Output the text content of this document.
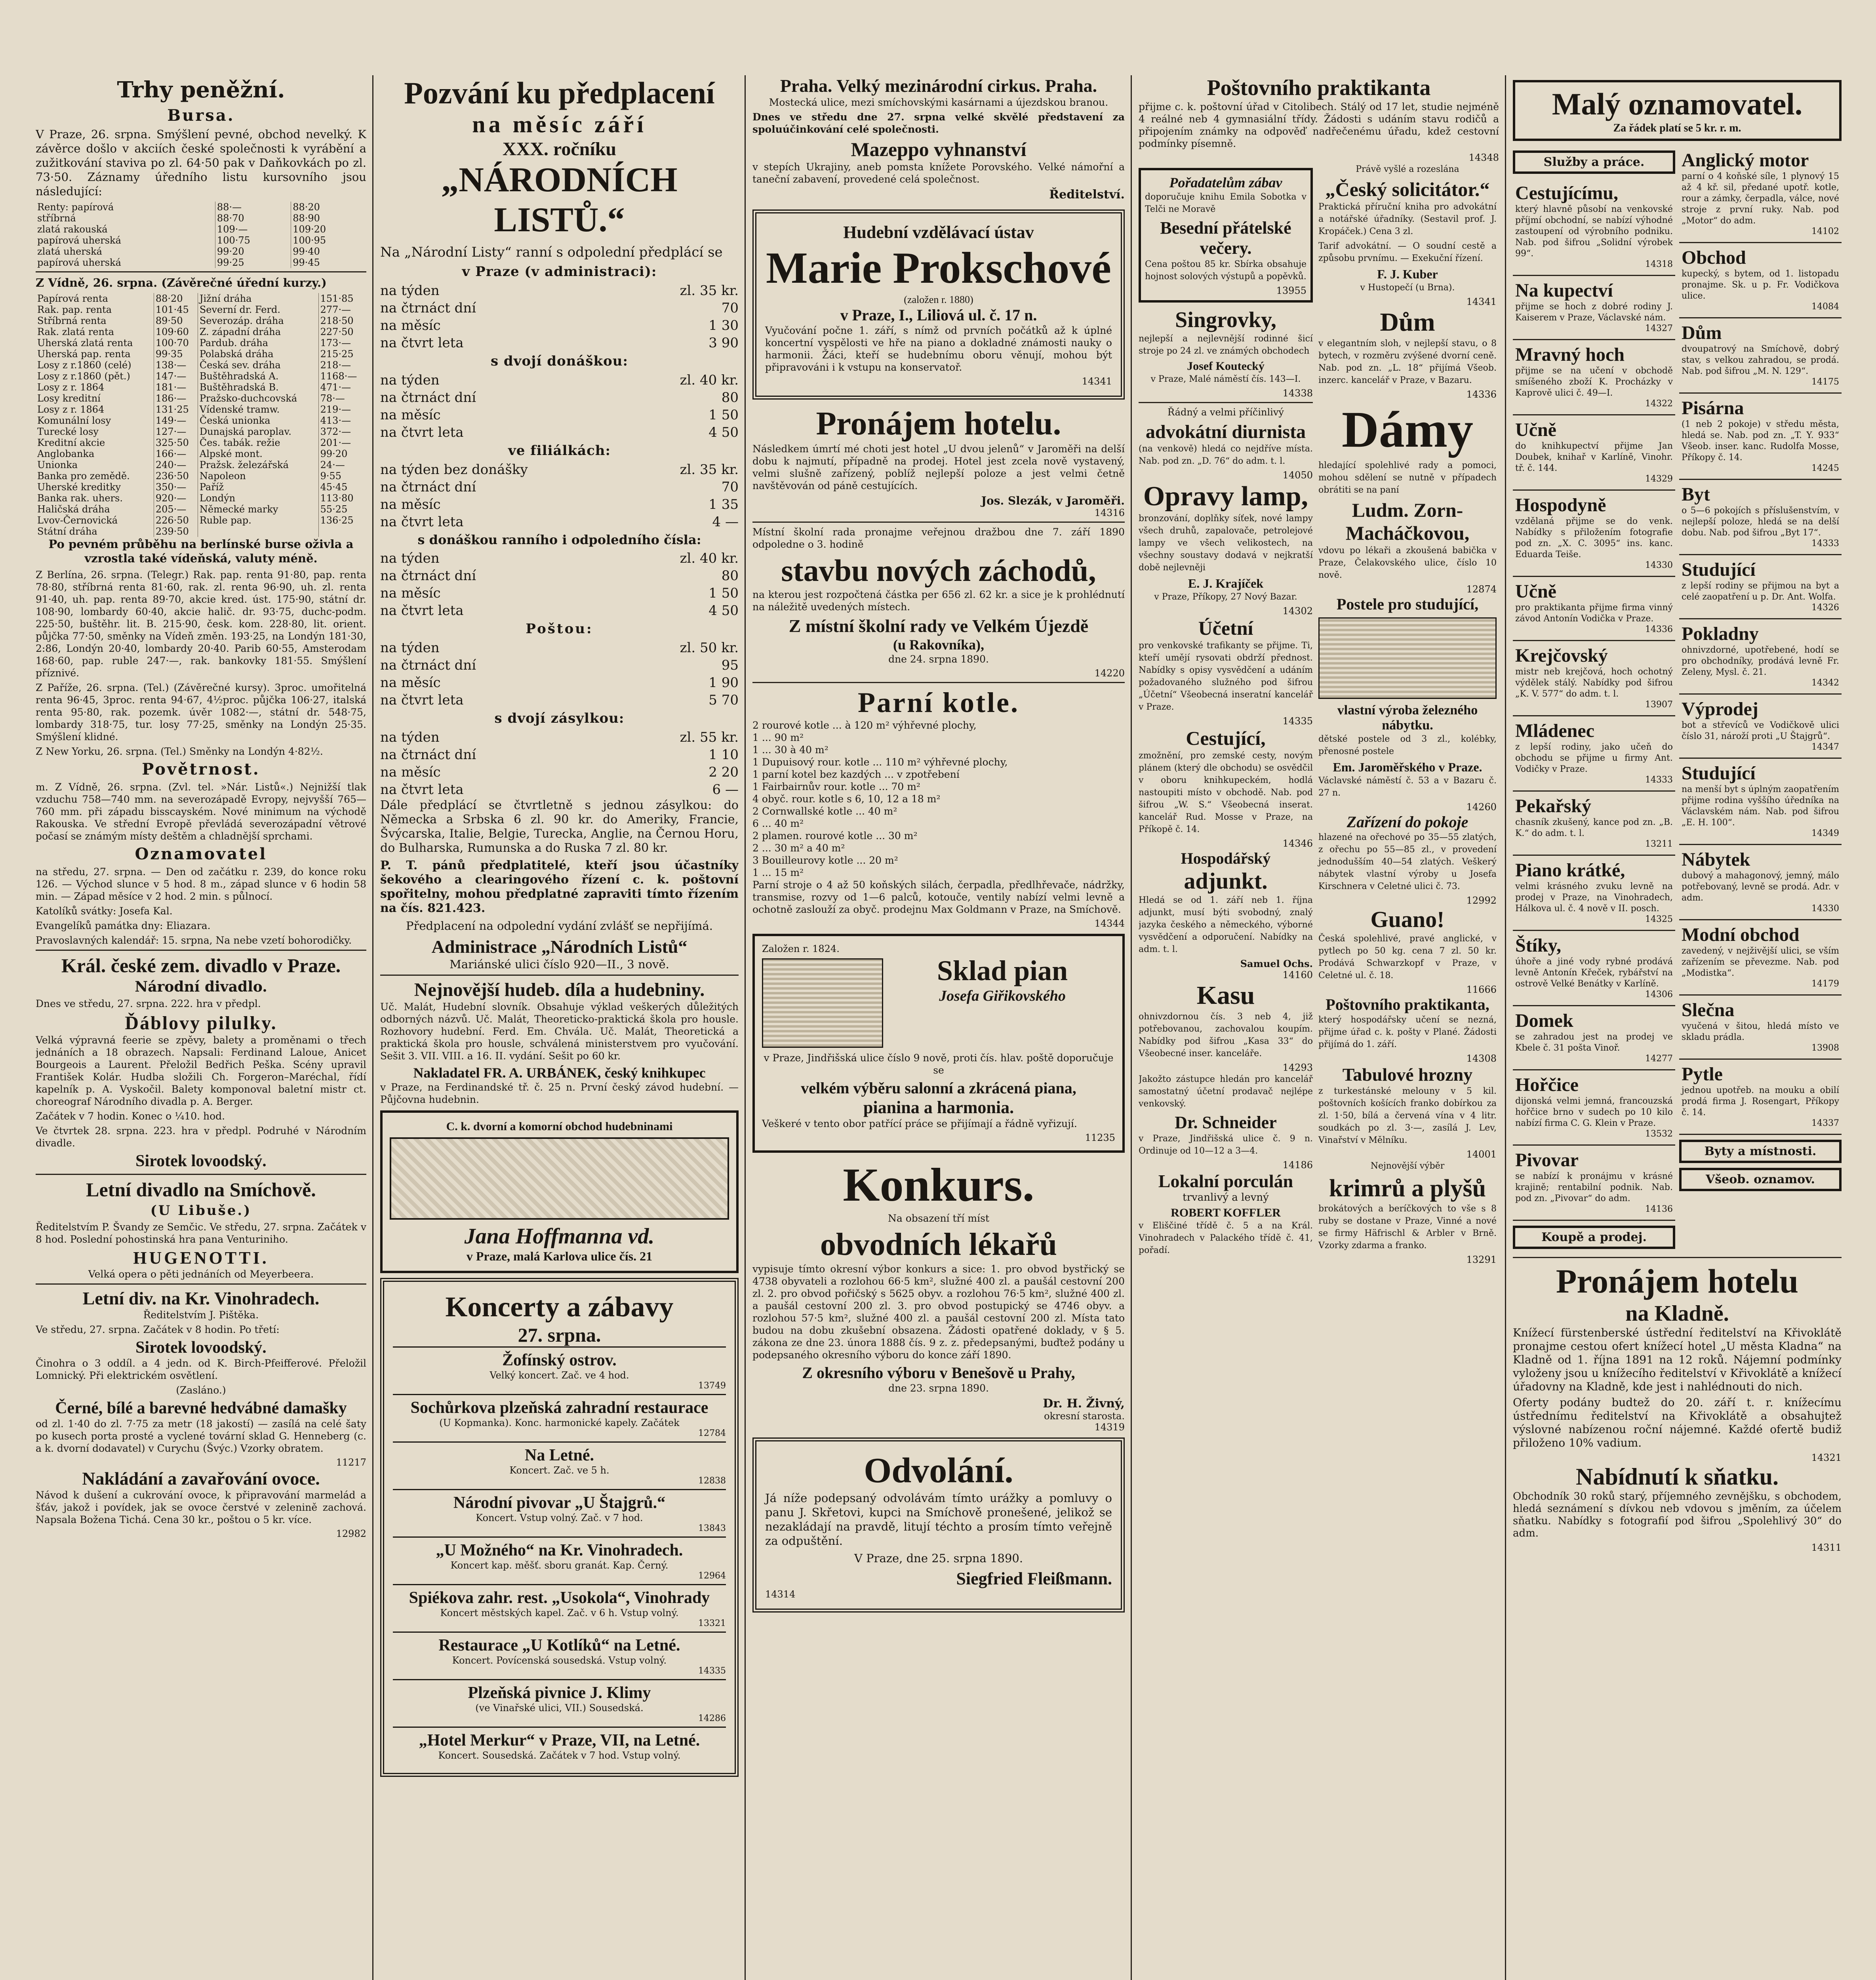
Trhy peněžní.
Bursa.

V Praze, 26. srpna. Smýšlení pevné, obchod nevelký. K závěrce došlo v akciích české společnosti k vyrábění a zužitkování staviva po zl. 64·50 pak v Daňkovkách po zl. 73·50. Záznamy úředního listu kursovního jsou následující:

Renty: papírová	88·—	88·20
stříbrná	88·70	88·90
zlatá rakouská	109·—	109·20
papírová uherská	100·75	100·95
zlatá uherská	99·20	99·40
papírová uherská	99·25	99·45

Z Vídně, 26. srpna. (Závěrečné úřední kurzy.)

Papírová renta	88·20	Jižní dráha	151·85
Rak. pap. renta	101·45	Severní dr. Ferd.	277·—
Stříbrná renta	89·50	Severozáp. dráha	218·50
Rak. zlatá renta	109·60	Z. západní dráha	227·50
Uherská zlatá renta	100·70	Pardub. dráha	173·—
Uherská pap. renta	99·35	Polabská dráha	215·25
Losy z r.1860 (celé)	138·—	Česká sev. dráha	218·—
Losy z r.1860 (pět.)	147·—	Buštěhradská A.	1168·—
Losy z r. 1864	181·—	Buštěhradská B.	471·—
Losy kreditní	186·—	Pražsko-duchcovská	78·—
Losy z r. 1864	131·25	Vídenské tramw.	219·—
Komunální losy	149·—	Česká unionka	413·—
Turecké losy	127·—	Dunajská paroplav.	372·—
Kreditní akcie	325·50	Čes. tabák. režie	201·—
Anglobanka	166·—	Alpské mont.	99·20
Unionka	240·—	Pražsk. železářská	24·—
Banka pro zemědě.	236·50	Napoleon	9·55
Uherské kreditky	350·—	Paříž	45·45
Banka rak. uhers.	920·—	Londýn	113·80
Haličská dráha	205·—	Německé marky	55·25
Lvov-Černovická	226·50	Ruble pap.	136·25
Státní dráha	239·50		

Po pevném průběhu na berlínské burse oživla a vzrostla také vídeňská, valuty méně.

Z Berlína, 26. srpna. (Telegr.) Rak. pap. renta 91·80, pap. renta 78·80, stříbrná renta 81·60, rak. zl. renta 96·90, uh. zl. renta 91·40, uh. pap. renta 89·70, akcie kred. úst. 175·90, státní dr. 108·90, lombardy 60·40, akcie halič. dr. 93·75, duchc-podm. 225·50, buštěhr. lit. B. 215·90, česk. kom. 228·80, lit. orient. půjčka 77·50, směnky na Vídeň změn. 193·25, na Londýn 181·30, 2:86, Londýn 20·40, lombardy 20·40. Parib 60·55, Amsterodam 168·60, pap. ruble 247·—, rak. bankovky 181·55. Smýšlení příznivé.

Z Paříže, 26. srpna. (Tel.) (Závěrečné kursy). 3proc. umořitelná renta 96·45, 3proc. renta 94·67, 4½proc. půjčka 106·27, italská renta 95·80, rak. pozemk. úvěr 1082·—, státní dr. 548·75, lombardy 318·75, tur. losy 77·25, směnky na Londýn 25·35. Smýšlení klidné.

Z New Yorku, 26. srpna. (Tel.) Směnky na Londýn 4·82½.

Povětrnost.

m. Z Vídně, 26. srpna. (Zvl. tel. »Nár. Listů«.) Nejnižší tlak vzduchu 758—740 mm. na severozápadě Evropy, nejvyšší 765—760 mm. při západu bisscayském. Nové minimum na východě Rakouska. Ve střední Evropě převládá severozápadní větrové počasí se známým místy deštěm a chladnější sprchami.

Oznamovatel

na středu, 27. srpna. — Den od začátku r. 239, do konce roku 126. — Východ slunce v 5 hod. 8 m., západ slunce v 6 hodin 58 min. — Západ měsíce v 2 hod. 2 min. s půlnocí.

Katolíků svátky: Josefa Kal.

Evangelíků památka dny: Eliazara.

Pravoslavných kalendář: 15. srpna, Na nebe vzetí bohorodičky.

Král. české zem. divadlo v Praze.
Národní divadlo.

Dnes ve středu, 27. srpna. 222. hra v předpl.

Ďáblovy pilulky.

Velká výpravná feerie se zpěvy, balety a proměnami o třech jednáních a 18 obrazech. Napsali: Ferdinand Laloue, Anicet Bourgeois a Laurent. Přeložil Bedřich Peška. Scény upravil František Kolár. Hudba složili Ch. Forgeron–Maréchal, řídí kapelník p. A. Vyskočil. Balety komponoval baletní mistr ct. choreograf Národního divadla p. A. Berger.

Začátek v 7 hodin. Konec o ¼10. hod.

Ve čtvrtek 28. srpna. 223. hra v předpl. Podruhé v Národním divadle.

Sirotek lovoodský.
Letní divadlo na Smíchově.
(U Libuše.)

Ředitelstvím P. Švandy ze Semčic. Ve středu, 27. srpna. Začátek v 8 hod. Poslední pohostinská hra pana Venturiniho.

HUGENOTTI.

Velká opera o pěti jednáních od Meyerbeera.

Letní div. na Kr. Vinohradech.

Ředitelstvím J. Pištěka.

Ve středu, 27. srpna. Začátek v 8 hodin. Po třetí:

Sirotek lovoodský.

Činohra o 3 oddíl. a 4 jedn. od K. Birch-Pfeifferové. Přeložil Lomnický. Při elektrickém osvětlení.

(Zasláno.)

Černé, bílé a barevné hedvábné damašky

od zl. 1·40 do zl. 7·75 za metr (18 jakostí) — zasílá na celé šaty po kusech porta prosté a vyclené tovární sklad G. Henneberg (c. a k. dvorní dodavatel) v Curychu (Švýc.) Vzorky obratem.

11217
Nakládání a zavařování ovoce.

Návod k dušení a cukrování ovoce, k připravování marmelád a šťáv, jakož i povídek, jak se ovoce čerstvé v zelenině zachová. Napsala Božena Tichá. Cena 30 kr., poštou o 5 kr. více.

12982
Pozvání ku předplacení
na měsíc září
XXX. ročníku
„NÁRODNÍCH LISTŮ.“

Na „Národní Listy“ ranní s odpolední předplácí se

v Praze (v administraci):
na týden	zl. 35 kr.
na čtrnáct dní	70
na měsíc	1 30
na čtvrt leta	3 90
s dvojí donáškou:
na týden	zl. 40 kr.
na čtrnáct dní	80
na měsíc	1 50
na čtvrt leta	4 50
ve filiálkách:
na týden bez donášky	zl. 35 kr.
na čtrnáct dní	70
na měsíc	1 35
na čtvrt leta	4 —
s donáškou ranního i odpoledního čísla:
na týden	zl. 40 kr.
na čtrnáct dní	80
na měsíc	1 50
na čtvrt leta	4 50
Poštou:
na týden	zl. 50 kr.
na čtrnáct dní	95
na měsíc	1 90
na čtvrt leta	5 70
s dvojí zásylkou:
na týden	zl. 55 kr.
na čtrnáct dní	1 10
na měsíc	2 20
na čtvrt leta	6 —

Dále předplácí se čtvrtletně s jednou zásylkou: do Německa a Srbska 6 zl. 90 kr. do Ameriky, Francie, Švýcarska, Italie, Belgie, Turecka, Anglie, na Černou Horu, do Bulharska, Rumunska a do Ruska 7 zl. 80 kr.

P. T. pánů předplatitelé, kteří jsou účastníky šekového a clearingového řízení c. k. poštovní spořitelny, mohou předplatné zapraviti tímto řízením na čís. 821.423.

Předplacení na odpolední vydání zvlášť se nepřijímá.

Administrace „Národních Listů“

Mariánské ulici číslo 920—II., 3 nově.

Nejnovější hudeb. díla a hudebniny.

Uč. Malát, Hudební slovník. Obsahuje výklad veškerých důležitých odborných názvů. Uč. Malát, Theoreticko-praktická škola pro housle. Rozhovory hudební. Ferd. Em. Chvála. Uč. Malát, Theoretická a praktická škola pro housle, schválená ministerstvem pro vyučování. Sešit 3. VII. VIII. a 16. II. vydání. Sešit po 60 kr.

Nakladatel FR. A. URBÁNEK, český knihkupec

v Praze, na Ferdinandské tř. č. 25 n. První český závod hudební. — Půjčovna hudebnin.

C. k. dvorní a komorní obchod hudebninami
Jana Hoffmanna vd.
v Praze, malá Karlova ulice čís. 21
Koncerty a zábavy
27. srpna.
Žofínský ostrov.
Velký koncert. Zač. ve 4 hod.
13749
Sochůrkova plzeňská zahradní restaurace
(U Kopmanka). Konc. harmonické kapely. Začátek
12784
Na Letné.
Koncert. Zač. ve 5 h.
12838
Národní pivovar „U Štajgrů.“
Koncert. Vstup volný. Zač. v 7 hod.
13843
„U Možného“ na Kr. Vinohradech.
Koncert kap. měšť. sboru granát. Kap. Černý.
12964
Spiékova zahr. rest. „Usokola“, Vinohrady
Koncert městských kapel. Zač. v 6 h. Vstup volný.
13321
Restaurace „U Kotlíků“ na Letné.
Koncert. Povícenská sousedská. Vstup volný.
14335
Plzeňská pivnice J. Klimy
(ve Vinařské ulici, VII.) Sousedská.
14286
„Hotel Merkur“ v Praze, VII, na Letné.
Koncert. Sousedská. Začátek v 7 hod. Vstup volný.
Praha. Velký mezinárodní cirkus. Praha.

Mostecká ulice, mezi smíchovskými kasárnami a újezdskou branou.

Dnes ve středu dne 27. srpna velké skvělé představení za spoluúčinkování celé společnosti.

Mazeppo vyhnanství

v stepích Ukrajiny, aneb pomsta knížete Porovského. Velké námořní a taneční zabavení, provedené celá společnost.

Ředitelství.
Hudební vzdělávací ústav
Marie Prokschové
(založen r. 1880)
v Praze, I., Liliová ul. č. 17 n.

Vyučování počne 1. září, s nímž od prvních počátků až k úplné koncertní vyspělosti ve hře na piano a dokladné známosti nauky o harmonii. Žáci, kteří se hudebnímu oboru věnují, mohou být připravováni i k vstupu na konservatoř.

14341
Pronájem hotelu.

Následkem úmrtí mé choti jest hotel „U dvou jelenů“ v Jaroměři na delší dobu k najmutí, případně na prodej. Hotel jest zcela nově vystavený, velmi slušně zařízený, poblíž nejlepší poloze a jest velmi četně navštěvován od páně cestujících.

Jos. Slezák, v Jaroměři.
14316

Místní školní rada pronajme veřejnou dražbou dne 7. září 1890 odpoledne o 3. hodině

stavbu nových záchodů,

na kterou jest rozpočtená částka per 656 zl. 62 kr. a sice je k prohlédnutí na náležitě uvedených místech.

Z místní školní rady ve Velkém Újezdě
(u Rakovníka),

dne 24. srpna 1890.

14220
Parní kotle.
2 rourové kotle ... à 120 m² výhřevné plochy,
1 ... 90 m²
1 ... 30 à 40 m²
1 Dupuisový rour. kotle ... 110 m² výhřevné plochy,
1 parní kotel bez kazdých ... v zpotřebení
1 Fairbairnův rour. kotle ... 70 m²
4 obyč. rour. kotle s 6, 10, 12 a 18 m²
2 Cornwallské kotle ... 40 m²
6 ... 40 m²
2 plamen. rourové kotle ... 30 m²
2 ... 30 m² a 40 m²
3 Bouilleurovy kotle ... 20 m²
1 ... 15 m²

Parní stroje o 4 až 50 koňských silách, čerpadla, předlhřevače, nádržky, transmise, rozvy od 1—6 palců, kotouče, ventily nabízí velmi levně a ochotně zaslouží za obyč. prodejnu Max Goldmann v Praze, na Smíchově.

14344
Založen r. 1824.
Sklad pian
Josefa Giřikovského

v Praze, Jindřišská ulice číslo 9 nově, proti čís. hlav. poště doporučuje se

velkém výběru salonní a zkrácená piana,
pianina a harmonia.

Veškeré v tento obor patřící práce se přijímají a řádně vyřizují.

11235
Konkurs.

Na obsazení tří míst

obvodních lékařů

vypisuje tímto okresní výbor konkurs a sice: 1. pro obvod bystřický se 4738 obyvateli a rozlohou 66·5 km², služné 400 zl. a paušál cestovní 200 zl. 2. pro obvod pořičský s 5625 obyv. a rozlohou 76·5 km², služné 400 zl. a paušál cestovní 200 zl. 3. pro obvod postupický se 4746 obyv. a rozlohou 57·5 km², služné 400 zl. a paušál cestovní 200 zl. Místa tato budou na dobu zkušební obsazena. Žádosti opatřené doklady, v § 5. zákona ze dne 23. února 1888 čís. 9 z. z. předepsanými, buďtež podány u podepsaného okresního výboru do konce září 1890.

Z okresního výboru v Benešově u Prahy,

dne 23. srpna 1890.

Dr. H. Živný,
okresní starosta.
14319
Odvolání.

Já níže podepsaný odvolávám tímto urážky a pomluvy o panu J. Skřetovi, kupci na Smíchově pronešené, jelikož se nezakládají na pravdě, litují téchto a prosím tímto veřejně za odpuštění.

V Praze, dne 25. srpna 1890.

Siegfried Fleißmann.
14314
Poštovního praktikanta

přijme c. k. poštovní úřad v Citolibech. Stálý od 17 let, studie nejméně 4 reálné neb 4 gymnasiální třídy. Žádosti s udáním stavu rodičů a připojením známky na odpověď nadřečenému úřadu, kdež cestovní podmínky písemně.

14348
Pořadatelům zábav

doporučuje knihu Emila Sobotka v Telči ne Moravě

Besední přátelské večery.

Cena poštou 85 kr. Sbírka obsahuje hojnost solových výstupů a popěvků.

13955
Singrovky,

nejlepší a nejlevnější rodinné šicí stroje po 24 zl. ve známých obchodech

Josef Koutecký

v Praze, Malé náměstí čís. 143—I.

14338

Řádný a velmi příčinlivý

advokátní diurnista

(na venkově) hledá co nejdříve místa. Nab. pod zn. „D. 76“ do adm. t. l.

14050
Opravy lamp,

bronzování, doplňky síťek, nové lampy všech druhů, zapalovače, petrolejové lampy ve všech velikostech, na všechny soustavy dodavá v nejkratší době nejlevněji

E. J. Krajíček

v Praze, Příkopy, 27 Nový Bazar.

14302
Účetní

pro venkovské trafikanty se přijme. Ti, kteří umějí rysovati obdrží přednost. Nabídky s opisy vysvědčení a udáním požadovaného služného pod šifrou „Účetní“ Všeobecná inseratní kancelář v Praze.

14335
Cestující,

zmožnění, pro zemské cesty, novým plánem (který dle obchodu) se osvědčil v oboru knihkupeckém, hodlá nastoupiti místo v obchodě. Nab. pod šifrou „W. S.“ Všeobecná inserat. kancelář Rud. Mosse v Praze, na Příkopě č. 14.

14346
Hospodářský
adjunkt.

Hledá se od 1. září neb 1. října adjunkt, musí býti svobodný, znalý jazyka českého a německého, výborné vysvědčení a odporučení. Nabídky na adm. t. l.

Samuel Ochs.
14160
Kasu

ohnivzdornou čís. 3 neb 4, již potřebovanou, zachovalou koupím. Nabídky pod šifrou „Kasa 33“ do Všeobecné inser. kanceláře.

14293

Jakožto zástupce hledán pro kancelář samostatný účetní prodavač nejlépe venkovský.

Dr. Schneider

v Praze, Jindřišská ulice č. 9 n. Ordinuje od 10—12 a 3—4.

14186
Lokalní porculán

trvanlivý a levný

ROBERT KOFFLER

v Eliščiné třídě č. 5 a na Král. Vinohradech v Palackého třídě č. 41, pořadí.

Právě vyšlé a rozeslána

„Český solicitátor.“

Praktická příruční kniha pro advokátní a notářské úřadníky. (Sestavil prof. J. Kropáček.) Cena 3 zl.

Tarif advokátní. — O soudní cestě a způsobu prvnímu. — Exekuční řízení.

F. J. Kuber

v Hustopečí (u Brna).

14341
Dům

v elegantním sloh, v nejlepší stavu, o 8 bytech, v rozměru zvýšené dvorní ceně. Nab. pod zn. „L. 18“ přijímá Všeob. inzerc. kancelář v Praze, v Bazaru.

14336
Dámy

hledající spolehlivé rady a pomoci, mohou sdělení se nutně v případech obrátiti se na paní

Ludm. Zorn-Macháčkovou,

vdovu po lékaři a zkoušená babička v Praze, Čelakovského ulice, číslo 10 nově.

12874
Postele pro studující,
vlastní výroba železného nábytku.

dětské postele od 3 zl., kolébky, přenosné postele

Em. Jaroměřského v Praze.

Václavské náměstí č. 53 a v Bazaru č. 27 n.

14260
Zařízení do pokoje

hlazené na ořechové po 35—55 zlatých, z ořechu po 55—85 zl., v provedení jednodušším 40—54 zlatých. Veškerý nábytek vlastní výroby u Josefa Kirschnera v Celetné ulici č. 73.

12992
Guano!

Česká spolehlivé, pravé anglické, v pytlech po 50 kg. cena 7 zl. 50 kr. Prodává Schwarzkopf v Praze, v Celetné ul. č. 18.

11666
Poštovního praktikanta,

který hospodářsky učení se nezná, přijme úřad c. k. pošty v Plané. Žádosti přijímá do 1. září.

14308
Tabulové hrozny

z turkestánské melouny v 5 kil. poštovních košících franko dobírkou za zl. 1·50, bílá a červená vína v 4 litr. soudkách po zl. 3·—, zasílá J. Lev, Vinařství v Mělníku.

14001

Nejnovější výběr

krimrů a plyšů

brokátových a beríčkových to vše s 8 ruby se dostane v Praze, Vinné a nové se firmy Häfrischl & Arbler v Brně. Vzorky zdarma a franko.

13291
Malý oznamovatel.
Za řádek platí se 5 kr. r. m.
Služby a práce.
Cestujícímu,
který hlavně působí na venkovské příjmí obchodní, se nabízí výhodné zastoupení od výrobního podniku. Nab. pod šifrou „Solidní výrobek 99“.
14318
Na kupectví
přijme se hoch z dobré rodiny J. Kaiserem v Praze, Václavské nám.
14327
Mravný hoch
přijme se na učení v obchodě smíšeného zboží K. Procházky v Kaprově ulici č. 49—I.
14322
Učně
do knihkupectví přijme Jan Doubek, knihař v Karlíně, Vinohr. tř. č. 144.
14329
Hospodyně
vzdělaná přijme se do venk. Nabídky s přiložením fotografie pod zn. „X. C. 3095“ ins. kanc. Eduarda Teiše.
14330
Učně
pro praktikanta přijme firma vinný závod Antonín Vodička v Praze.
14336
Krejčovský
mistr neb krejčová, hoch ochotný výdělek stálý. Nabídky pod šifrou „K. V. 577“ do adm. t. l.
13907
Mládenec
z lepší rodiny, jako učeň do obchodu se přijme u firmy Ant. Vodičky v Praze.
14333
Pekařský
chasník zkušený, kance pod zn. „B. K.“ do adm. t. l.
13211
Piano krátké,
velmi krásného zvuku levně na prodej v Praze, na Vinohradech, Hálkova ul. č. 4 nově v II. posch.
14325
Štíky,
úhoře a jiné vody rybné prodává levně Antonín Křeček, rybářství na ostrově Velké Benátky v Karlíně.
14306
Domek
se zahradou jest na prodej ve Kbele č. 31 pošta Vinoř.
14277
Hořčice
dijonská velmi jemná, francouzská hořčice brno v sudech po 10 kilo nabízí firma C. G. Klein v Praze.
13532
Pivovar
se nabízí k pronájmu v krásné krajině; rentabilní podnik. Nab. pod zn. „Pivovar“ do adm.
14136
Koupě a prodej.
Anglický motor
parní o 4 koňské síle, 1 plynový 15 až 4 kř. sil, předané upotř. kotle, rour a zámky, čerpadla, válce, nové stroje z první ruky. Nab. pod „Motor“ do adm.
14102
Obchod
kupecký, s bytem, od 1. listopadu pronajme. Sk. u p. Fr. Vodičkova ulice.
14084
Dům
dvoupatrový na Smíchově, dobrý stav, s velkou zahradou, se prodá. Nab. pod šifrou „M. N. 129“.
14175
Pisárna
(1 neb 2 pokoje) v středu města, hledá se. Nab. pod zn. „T. Y. 933“ Všeob. inser. kanc. Rudolfa Mosse, Příkopy č. 14.
14245
Byt
o 5—6 pokojích s příslušenstvím, v nejlepší poloze, hledá se na delší dobu. Nab. pod šifrou „Byt 17“.
14333
Studující
z lepší rodiny se přijmou na byt a celé zaopatření u p. Dr. Ant. Wolfa.
14326
Pokladny
ohnivzdorné, upotřebené, hodí se pro obchodníky, prodává levně Fr. Zeleny, Mysl. č. 21.
14342
Výprodej
bot a střevíců ve Vodičkově ulici číslo 31, nároží proti „U Štajgrů“.
14347
Studující
na menší byt s úplným zaopatřením přijme rodina vyššího úředníka na Václavském nám. Nab. pod šifrou „E. H. 100“.
14349
Nábytek
dubový a mahagonový, jemný, málo potřebovaný, levně se prodá. Adr. v adm.
14330
Modní obchod
zavedený, v nejživější ulici, se vším zařízením se převezme. Nab. pod „Modistka“.
14179
Slečna
vyučená v šitou, hledá místo ve skladu prádla.
13908
Pytle
jednou upotřeb. na mouku a obilí prodá firma J. Rosengart, Příkopy č. 14.
14337
Byty a místnosti.
Všeob. oznamov.
Pronájem hotelu
na Kladně.

Knížecí fürstenberské ústřední ředitelství na Křivoklátě pronajme cestou ofert knížecí hotel „U města Kladna“ na Kladně od 1. října 1891 na 12 roků. Nájemní podmínky vyloženy jsou u knížecího ředitelství v Křivoklátě a knížecí úřadovny na Kladně, kde jest i nahlédnouti do nich.

Oferty podány budtež do 20. září t. r. knížecímu ústřednímu ředitelství na Křivoklátě a obsahujtež výslovné nabízenou roční nájemné. Každé ofertě budiž přiloženo 10% vadium.

14321
Nabídnutí k sňatku.

Obchodník 30 roků starý, příjemného zevnějšku, s obchodem, hledá seznámení s dívkou neb vdovou s jměním, za účelem sňatku. Nabídky s fotografií pod šifrou „Spolehlivý 30“ do adm.

14311
